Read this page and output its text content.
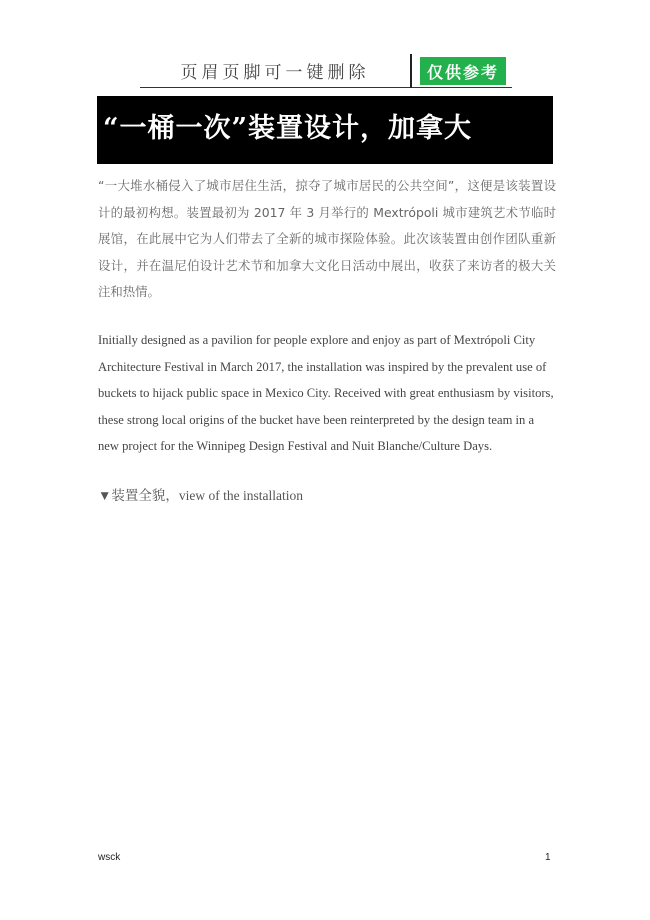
页眉页脚可一键删除	仅供参考
“一桶一次”装置设计，加拿大

“一大堆水桶侵入了城市居住生活，掠夺了城市居民的公共空间”，这便是该装置设计的最初构想。装置最初为 2017 年 3 月举行的 Mextrópoli 城市建筑艺术节临时展馆，在此展中它为人们带去了全新的城市探险体验。此次该装置由创作团队重新设计，并在温尼伯设计艺术节和加拿大文化日活动中展出，收获了来访者的极大关注和热情。

Initially designed as a pavilion for people explore and enjoy as part of Mextrópoli City Architecture Festival in March 2017, the installation was inspired by the prevalent use of buckets to hijack public space in Mexico City. Received with great enthusiasm by visitors, these strong local origins of the bucket have been reinterpreted by the design team in a new project for the Winnipeg Design Festival and Nuit Blanche/Culture Days.

▼装置全貌，view of the installation

wsck	1
